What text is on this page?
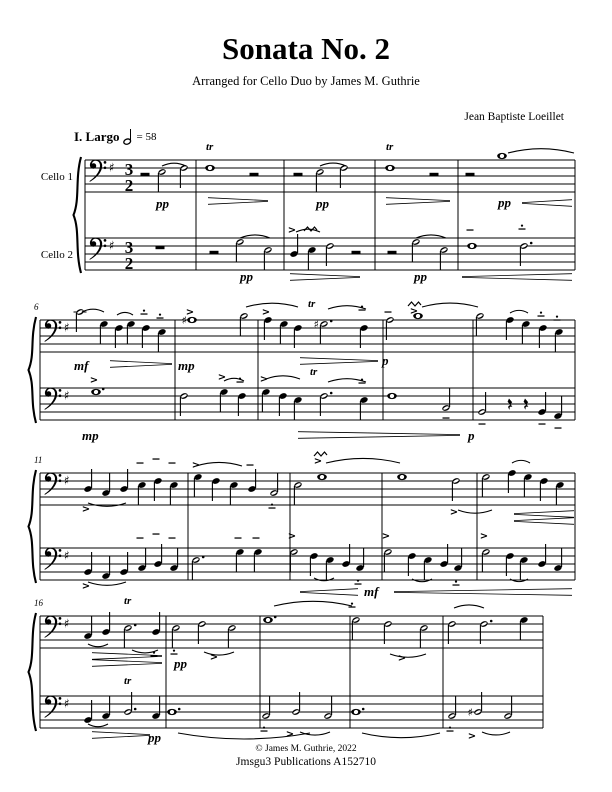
Sonata No. 2
Arranged for Cello Duo by James M. Guthrie
Jean Baptiste Loeillet
I. Largo = 58
Cello 1
♯ 3
2
pp	pp	pp
tr	tr
Cello 2
♯ 3
2
pp	pp
>
6
♯	♯	♯
mf	mp	p
tr
>	>	>
♯
mp	p
tr
>	>	>
11
♯
>
>	>
>
♯
mf
>
>	>	>
16
♯
pp
tr
>	>
♯
♯
pp
tr
>	>
© James M. Guthrie, 2022
Jmsgu3 Publications A152710
